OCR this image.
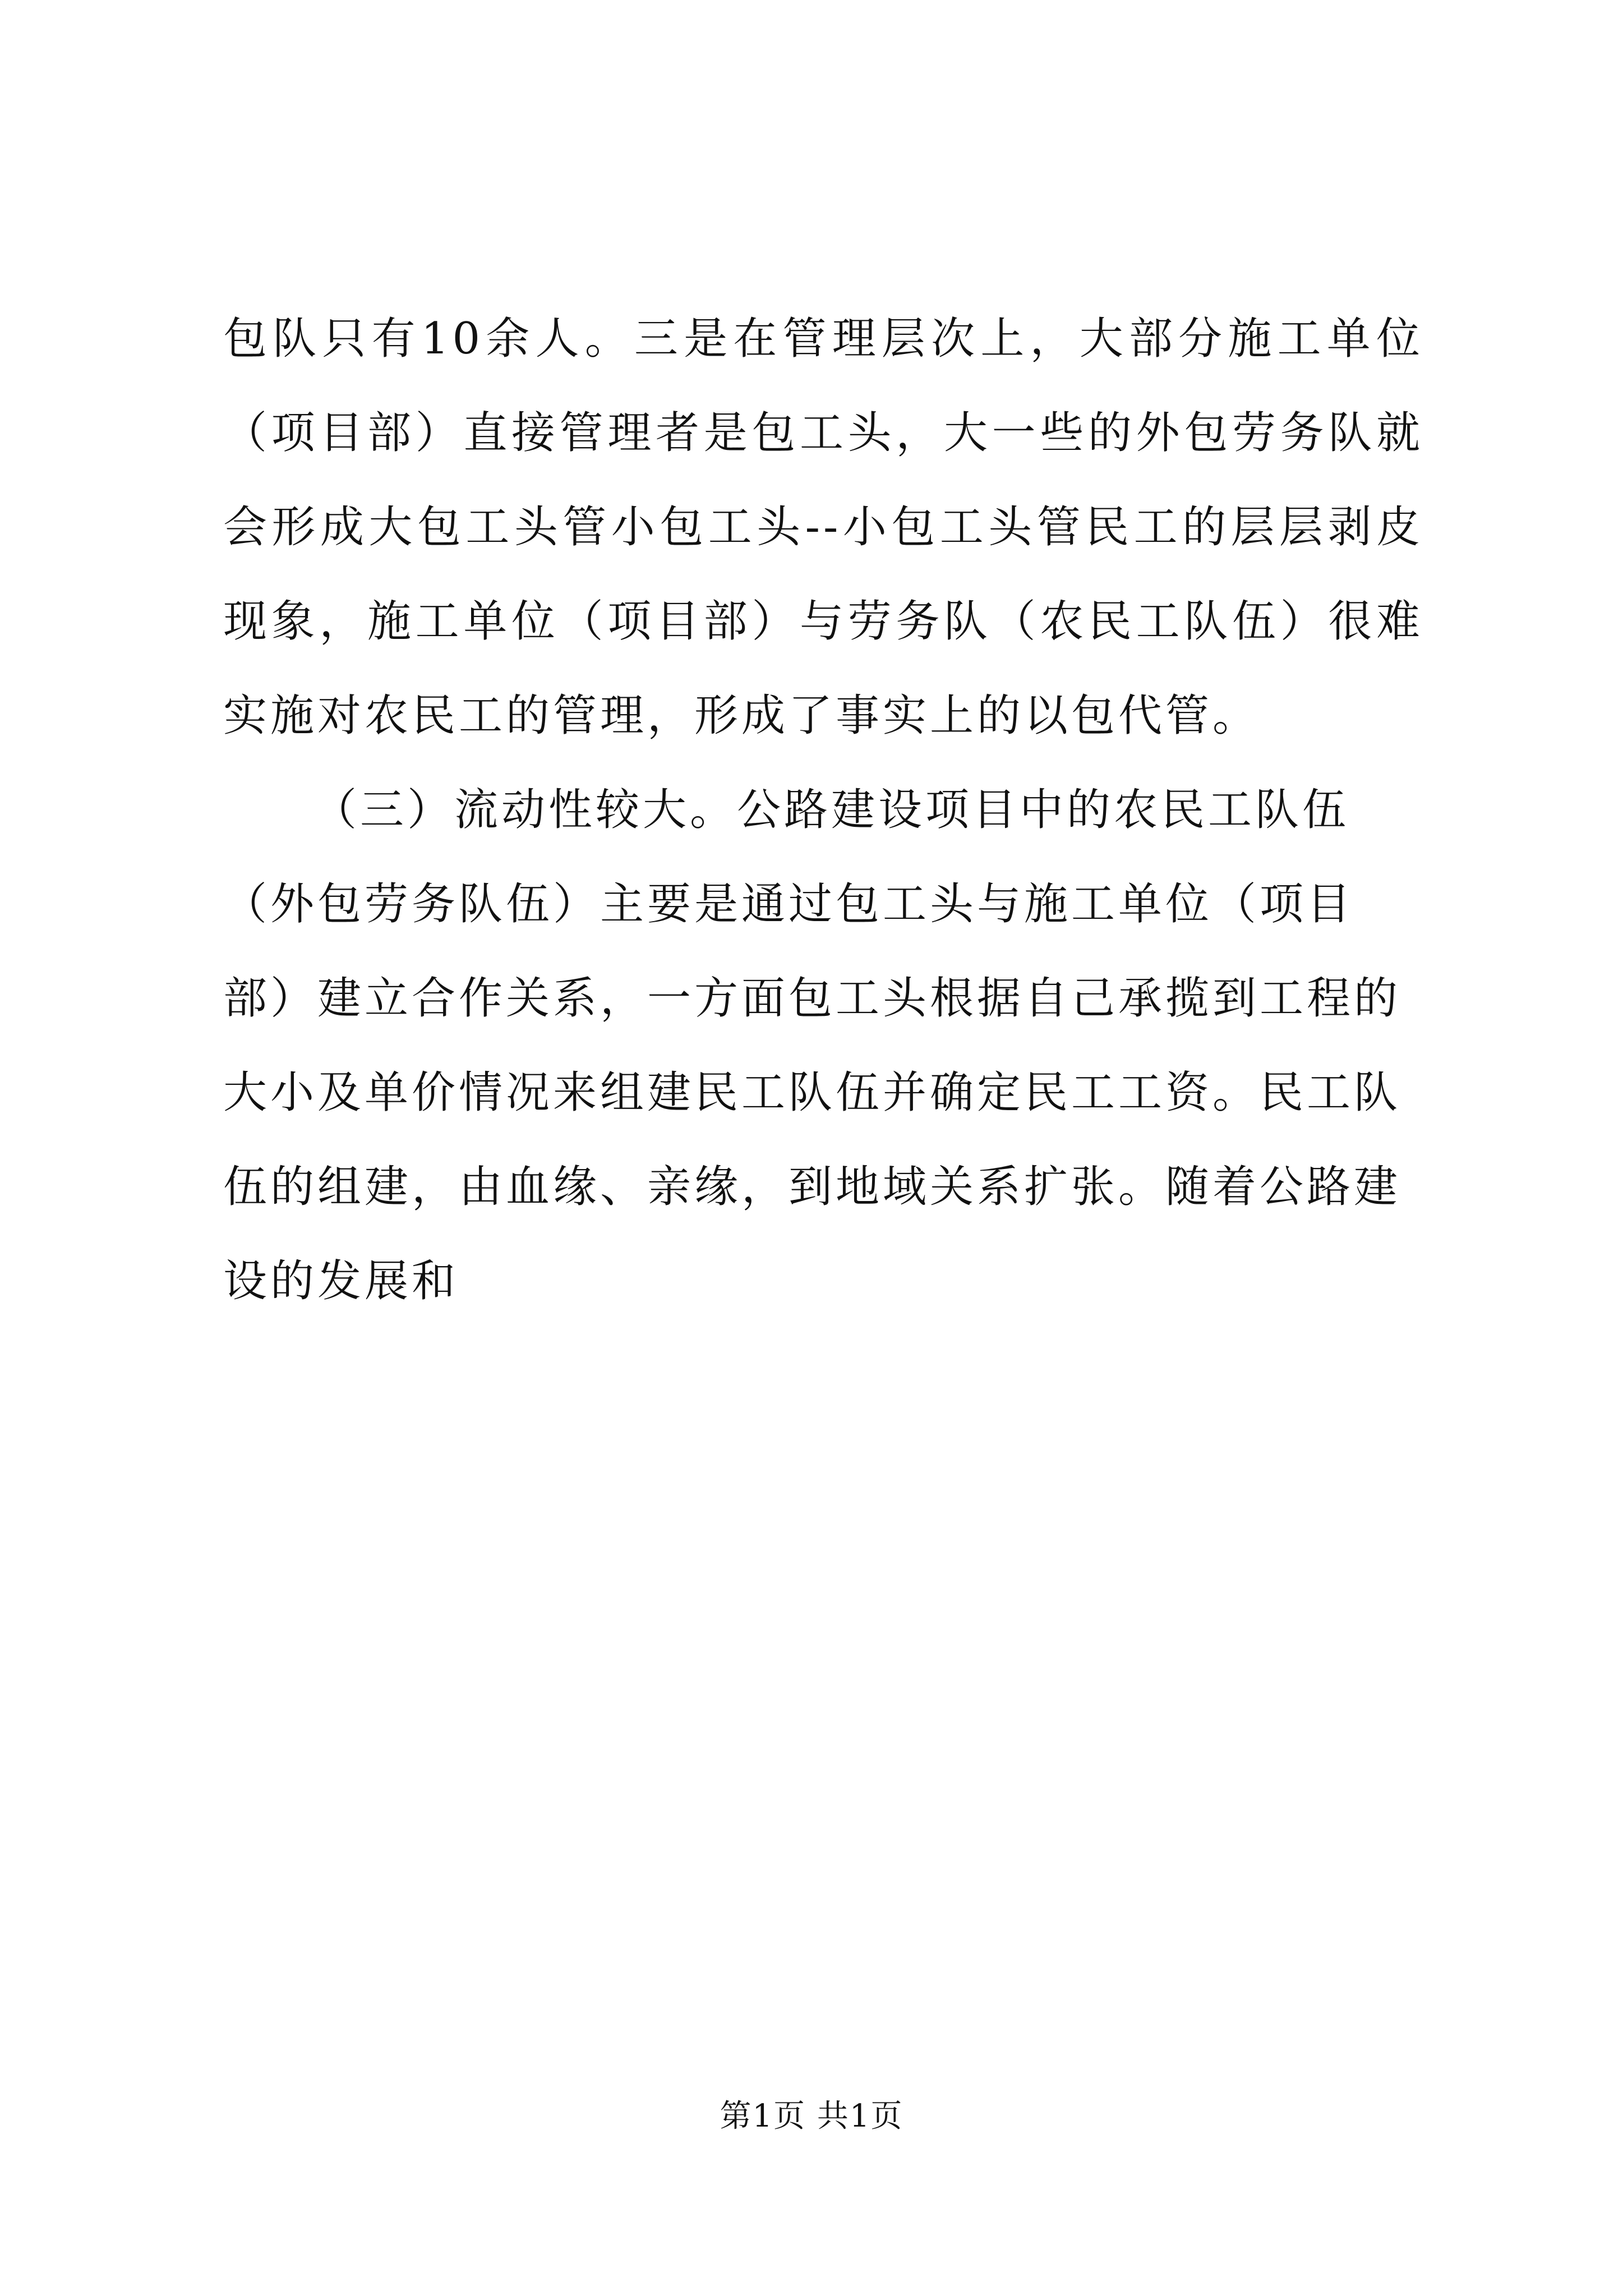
包队只有10余人。三是在管理层次上，大部分施工单位（项目部）直接管理者是包工头，大一些的外包劳务队就会形成大包工头管小包工头--小包工头管民工的层层剥皮现象，施工单位（项目部）与劳务队（农民工队伍）很难实施对农民工的管理，形成了事实上的以包代管。

（三）流动性较大。公路建设项目中的农民工队伍（外包劳务队伍）主要是通过包工头与施工单位（项目部）建立合作关系，一方面包工头根据自己承揽到工程的大小及单价情况来组建民工队伍并确定民工工资。民工队伍的组建，由血缘、亲缘，到地域关系扩张。随着公路建设的发展和

第1页 共1页
